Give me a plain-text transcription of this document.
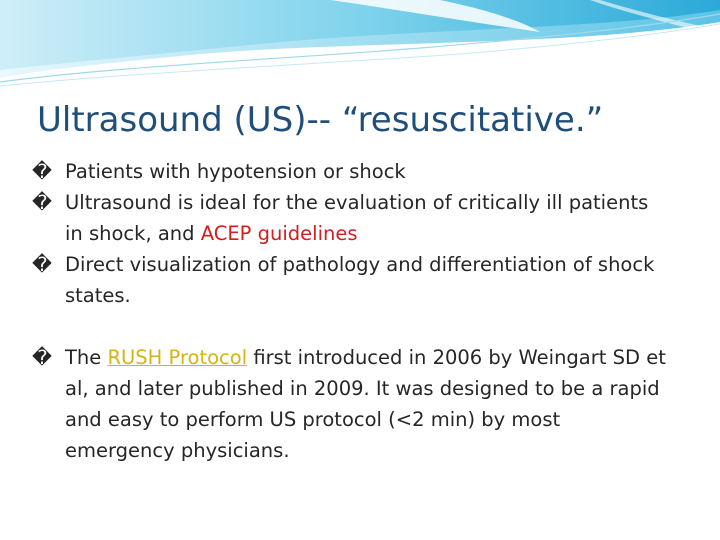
Ultrasound (US)-- “resuscitative.”
� Patients with hypotension or shock
� Ultrasound is ideal for the evaluation of critically ill patients in shock, and ACEP guidelines
� Direct visualization of pathology and differentiation of shock states.
� The RUSH Protocol first introduced in 2006 by Weingart SD et al, and later published in 2009. It was designed to be a rapid and easy to perform US protocol (<2 min) by most emergency physicians.
